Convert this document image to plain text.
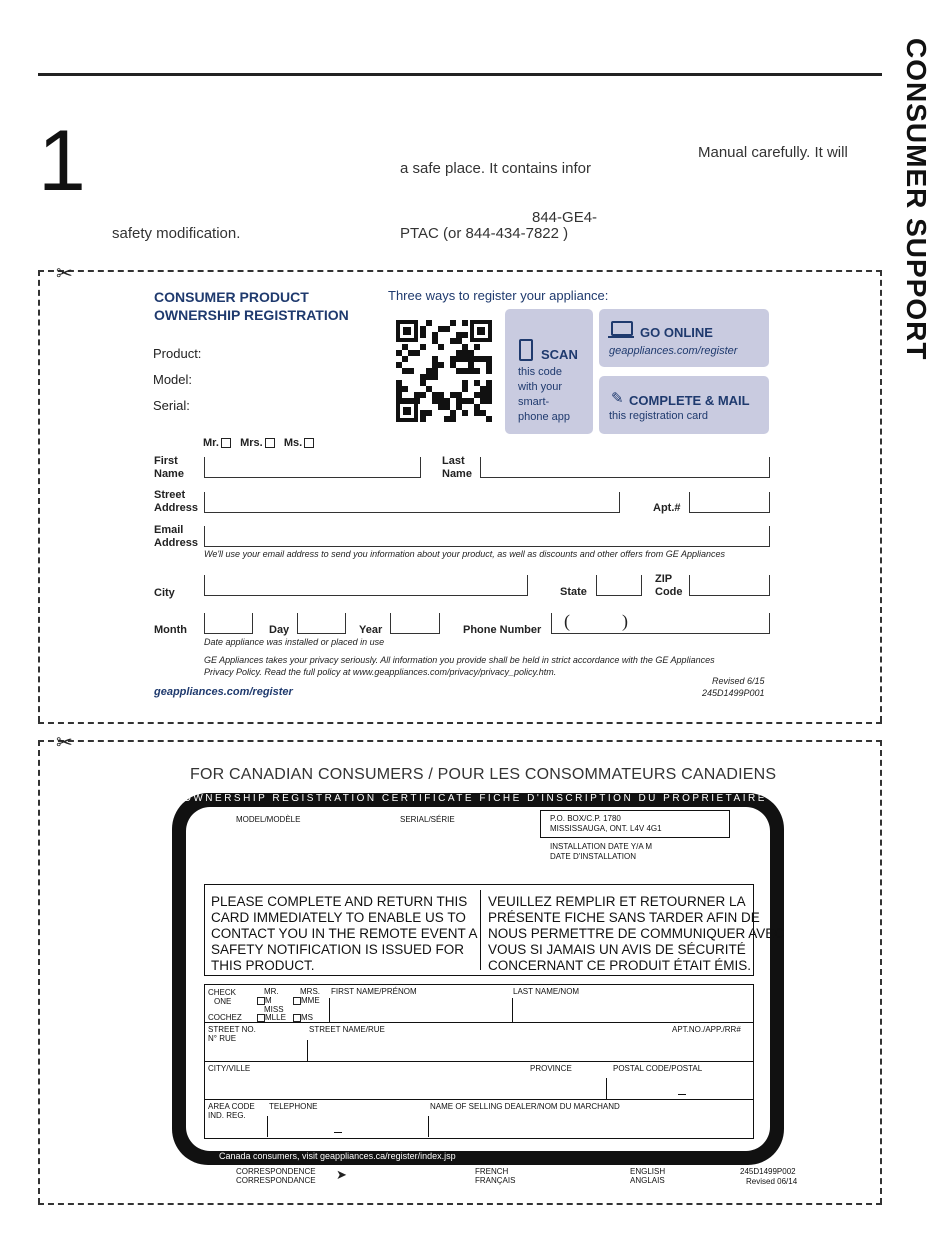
1	Manual carefully. It will
a safe place. It contains infor
844-GE4-
safety modification.	PTAC (or 844-434-7822 )	CONSUMER SUPPORT
✂
CONSUMER PRODUCT
OWNERSHIP REGISTRATION
Three ways to register your appliance:
Product:
Model:
Serial:
SCAN
this code
with your
smart-
phone app
GO ONLINE
geappliances.com/register
✎ COMPLETE & MAIL
this registration card
Mr. Mrs. Ms.
First
Name
Last
Name
Street
Address	Apt.#
Email
Address
We'll use your email address to send you information about your product, as well as discounts and other offers from GE Appliances
City	State
ZIP
Code
Month	Day	Year	Phone Number (	)
Date appliance was installed or placed in use
GE Appliances takes your privacy seriously. All information you provide shall be held in strict accordance with the GE Appliances
Privacy Policy. Read the full policy at www.geappliances.com/privacy/privacy_policy.htm.
Revised 6/15
245D1499P001
geappliances.com/register
✂
FOR CANADIAN CONSUMERS / POUR LES CONSOMMATEURS CANADIENS
OWNERSHIP REGISTRATION CERTIFICATE FICHE D'INSCRIPTION DU PROPRIETAIRE
MODEL/MODÈLE	SERIAL/SÉRIE	P.O. BOX/C.P. 1780
MISSISSAUGA, ONT. L4V 4G1
INSTALLATION DATE Y/A M
DATE D'INSTALLATION
PLEASE COMPLETE AND RETURN THIS
CARD IMMEDIATELY TO ENABLE US TO
CONTACT YOU IN THE REMOTE EVENT A
SAFETY NOTIFICATION IS ISSUED FOR
THIS PRODUCT.
VEUILLEZ REMPLIR ET RETOURNER LA
PRÉSENTE FICHE SANS TARDER AFIN DE
NOUS PERMETTRE DE COMMUNIQUER AVEC
VOUS SI JAMAIS UN AVIS DE SÉCURITÉ
CONCERNANT CE PRODUIT ÉTAIT ÉMIS.
CHECK
ONE
COCHEZ
MR.
M
MISS
MLLE
MRS.
MME
MS
FIRST NAME/PRÉNOM	LAST NAME/NOM
STREET NO.
N° RUE
STREET NAME/RUE	APT.NO./APP./RR#
CITY/VILLE	PROVINCE	POSTAL CODE/POSTAL
AREA CODE
IND. REG.
TELEPHONE	NAME OF SELLING DEALER/NOM DU MARCHAND
Canada consumers, visit geappliances.ca/register/index.jsp
CORRESPONDENCE
CORRESPONDANCE ➤	FRENCH
FRANÇAIS
ENGLISH
ANGLAIS
245D1499P002
Revised 06/14
